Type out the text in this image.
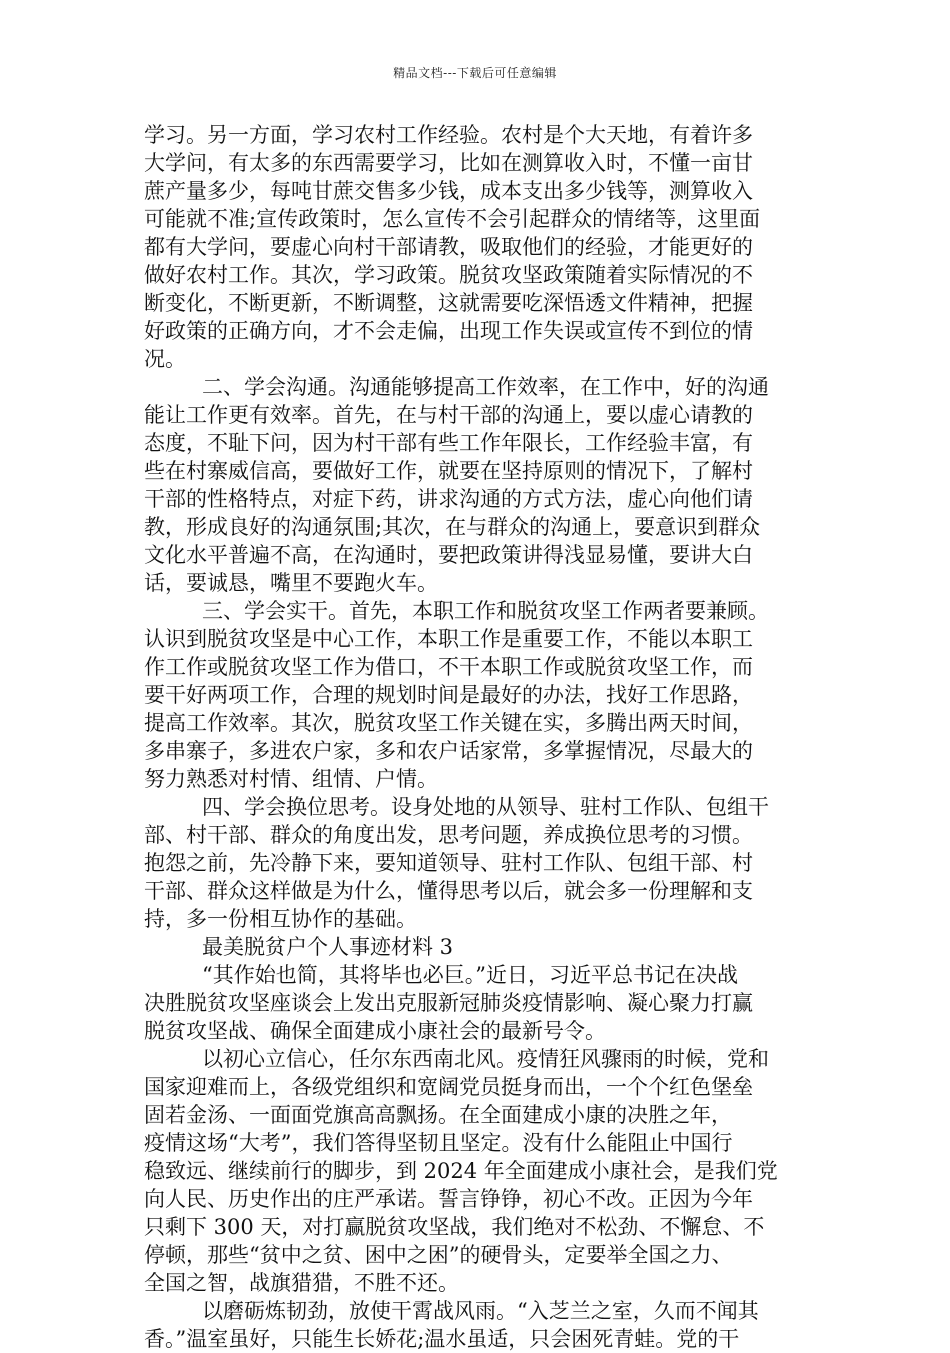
精品文档---下载后可任意编辑
学习。另一方面，学习农村工作经验。农村是个大天地，有着许多
大学问，有太多的东西需要学习，比如在测算收入时，不懂一亩甘
蔗产量多少，每吨甘蔗交售多少钱，成本支出多少钱等，测算收入
可能就不准;宣传政策时，怎么宣传不会引起群众的情绪等，这里面
都有大学问，要虚心向村干部请教，吸取他们的经验，才能更好的
做好农村工作。其次，学习政策。脱贫攻坚政策随着实际情况的不
断变化，不断更新，不断调整，这就需要吃深悟透文件精神，把握
好政策的正确方向，才不会走偏，出现工作失误或宣传不到位的情
况。
二、学会沟通。沟通能够提高工作效率，在工作中，好的沟通
能让工作更有效率。首先，在与村干部的沟通上，要以虚心请教的
态度，不耻下问，因为村干部有些工作年限长，工作经验丰富，有
些在村寨威信高，要做好工作，就要在坚持原则的情况下，了解村
干部的性格特点，对症下药，讲求沟通的方式方法，虚心向他们请
教，形成良好的沟通氛围;其次，在与群众的沟通上，要意识到群众
文化水平普遍不高，在沟通时，要把政策讲得浅显易懂，要讲大白
话，要诚恳，嘴里不要跑火车。
三、学会实干。首先，本职工作和脱贫攻坚工作两者要兼顾。
认识到脱贫攻坚是中心工作，本职工作是重要工作，不能以本职工
作工作或脱贫攻坚工作为借口，不干本职工作或脱贫攻坚工作，而
要干好两项工作，合理的规划时间是最好的办法，找好工作思路，
提高工作效率。其次，脱贫攻坚工作关键在实，多腾出两天时间，
多串寨子，多进农户家，多和农户话家常，多掌握情况，尽最大的
努力熟悉对村情、组情、户情。
四、学会换位思考。设身处地的从领导、驻村工作队、包组干
部、村干部、群众的角度出发，思考问题，养成换位思考的习惯。
抱怨之前，先冷静下来，要知道领导、驻村工作队、包组干部、村
干部、群众这样做是为什么，懂得思考以后，就会多一份理解和支
持，多一份相互协作的基础。
最美脱贫户个人事迹材料 3
“其作始也简，其将毕也必巨。”近日，习近平总书记在决战
决胜脱贫攻坚座谈会上发出克服新冠肺炎疫情影响、凝心聚力打赢
脱贫攻坚战、确保全面建成小康社会的最新号令。
以初心立信心，任尔东西南北风。疫情狂风骤雨的时候，党和
国家迎难而上，各级党组织和宽阔党员挺身而出，一个个红色堡垒
固若金汤、一面面党旗高高飘扬。在全面建成小康的决胜之年，
疫情这场“大考”，我们答得坚韧且坚定。没有什么能阻止中国行
稳致远、继续前行的脚步，到 2024 年全面建成小康社会，是我们党
向人民、历史作出的庄严承诺。誓言铮铮，初心不改。正因为今年
只剩下 300 天，对打赢脱贫攻坚战，我们绝对不松劲、不懈怠、不
停顿，那些“贫中之贫、困中之困”的硬骨头，定要举全国之力、
全国之智，战旗猎猎，不胜不还。
以磨砺炼韧劲，放使干霄战风雨。“入芝兰之室，久而不闻其
香。”温室虽好，只能生长娇花;温水虽适，只会困死青蛙。党的干
